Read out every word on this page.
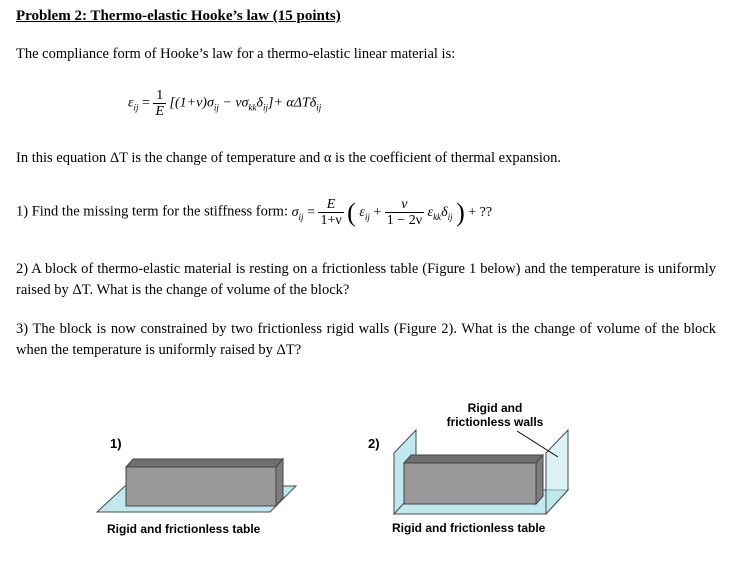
Problem 2: Thermo-elastic Hooke’s law (15 points)
The compliance form of Hooke’s law for a thermo-elastic linear material is:
$\varepsilon_{ij} = \frac{1}{E} [(1+\nu)\sigma_{ij} - \nu\sigma_{kk}\delta_{ij}]+ \alpha\Delta T\delta_{ij}$
In this equation ΔT is the change of temperature and α is the coefficient of thermal expansion.
1) Find the missing term for the stiffness form: $\sigma_{ij} = \frac{E}{1+\nu}$ ( $\varepsilon_{ij} + \frac{\nu}{1 - 2\nu} \varepsilon_{kk}\delta_{ij}$ ) + ??
2) A block of thermo-elastic material is resting on a frictionless table (Figure 1 below) and the temperature is uniformly raised by ΔT. What is the change of volume of the block?
3) The block is now constrained by two frictionless rigid walls (Figure 2). What is the change of volume of the block when the temperature is uniformly raised by ΔT?
1)
Rigid and frictionless table
2)
Rigid and
frictionless walls
Rigid and frictionless table
